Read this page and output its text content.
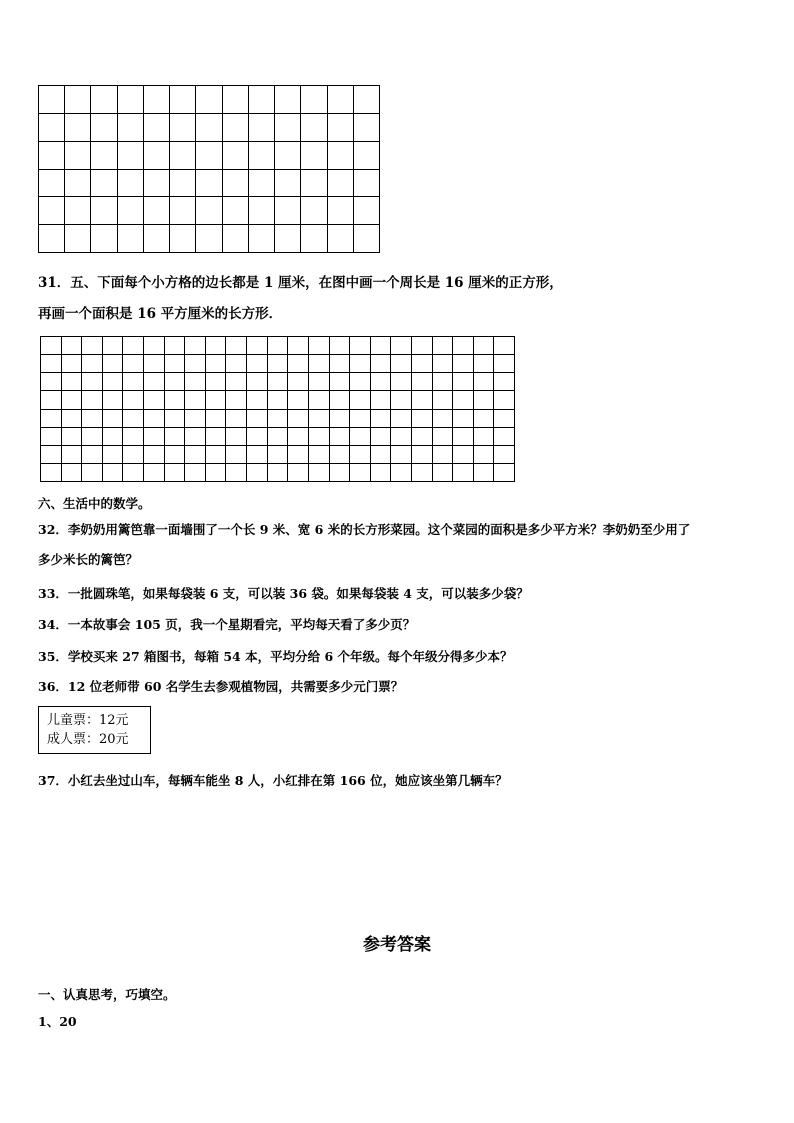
31．五、下面每个小方格的边长都是 1 厘米，在图中画一个周长是 16 厘米的正方形，
再画一个面积是 16 平方厘米的长方形．
六、生活中的数学。
32．李奶奶用篱笆靠一面墙围了一个长 9 米、宽 6 米的长方形菜园。这个菜园的面积是多少平方米？李奶奶至少用了
多少米长的篱笆？
33．一批圆珠笔，如果每袋装 6 支，可以装 36 袋。如果每袋装 4 支，可以装多少袋？
34．一本故事会 105 页，我一个星期看完，平均每天看了多少页？
35．学校买来 27 箱图书，每箱 54 本，平均分给 6 个年级。每个年级分得多少本？
36．12 位老师带 60 名学生去参观植物园，共需要多少元门票？
儿童票：12元
成人票：20元
37．小红去坐过山车，每辆车能坐 8 人，小红排在第 166 位，她应该坐第几辆车？
参考答案
一、认真思考，巧填空。
1、20
